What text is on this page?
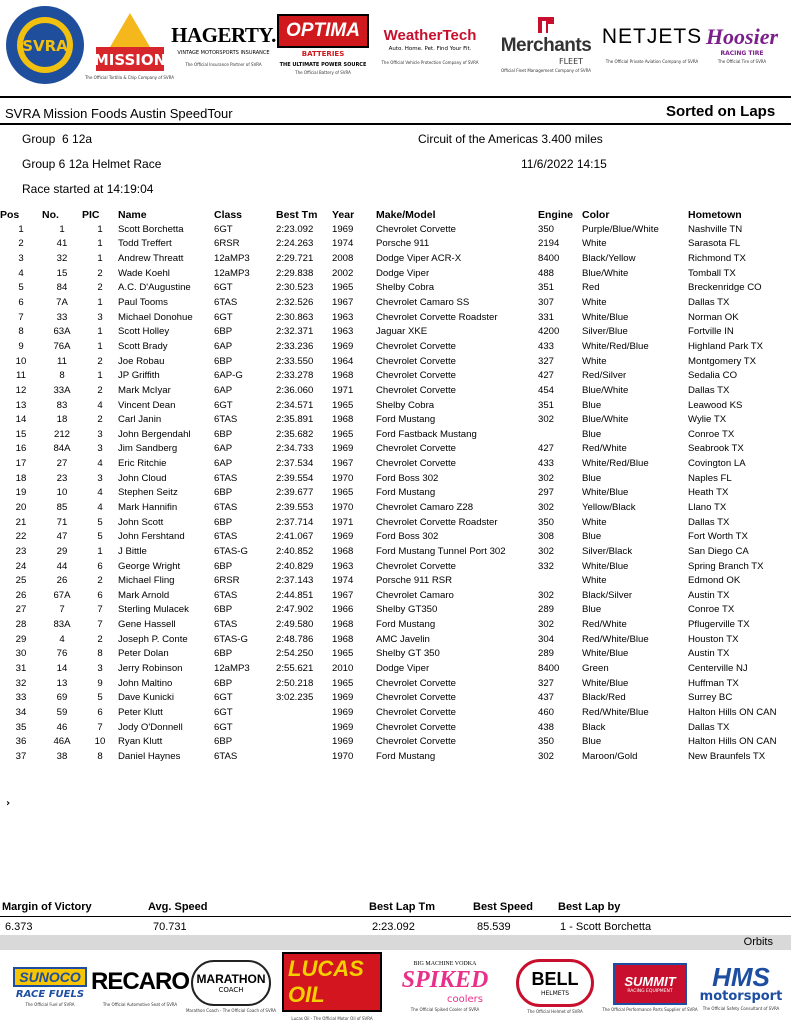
SVRA
MISSION
The Official Tortilla & Chip Company of SVRA
HAGERTY.
VINTAGE MOTORSPORTS INSURANCE
The Official Insurance Partner of SVRA
OPTIMA
BATTERIES
THE ULTIMATE POWER SOURCE
The Official Battery of SVRA
WeatherTech
Auto. Home. Pet. Find Your Fit.
The Official Vehicle Protection Company of SVRA
Merchants
FLEET
Official Fleet Management Company of SVRA
NETJETS
The Official Private Aviation Company of SVRA
Hoosier
RACING TIRE
The Official Tire of SVRA
SVRA Mission Foods Austin SpeedTour	Sorted on Laps
Group  6 12a	Circuit of the Americas 3.400 miles
Group 6 12a Helmet Race	11/6/2022 14:15
Race started at 14:19:04
Pos	No.	PIC	Name	Class	Best Tm	Year	Make/Model	Engine	Color	Hometown
1	1	1	Scott Borchetta	6GT	2:23.092	1969	Chevrolet Corvette	350	Purple/Blue/White	Nashville TN
2	41	1	Todd Treffert	6RSR	2:24.263	1974	Porsche 911	2194	White	Sarasota FL
3	32	1	Andrew Threatt	12aMP3	2:29.721	2008	Dodge Viper ACR-X	8400	Black/Yellow	Richmond TX
4	15	2	Wade Koehl	12aMP3	2:29.838	2002	Dodge Viper	488	Blue/White	Tomball TX
5	84	2	A.C. D'Augustine	6GT	2:30.523	1965	Shelby Cobra	351	Red	Breckenridge CO
6	7A	1	Paul Tooms	6TAS	2:32.526	1967	Chevrolet Camaro SS	307	White	Dallas TX
7	33	3	Michael Donohue	6GT	2:30.863	1963	Chevrolet Corvette Roadster	331	White/Blue	Norman OK
8	63A	1	Scott Holley	6BP	2:32.371	1963	Jaguar XKE	4200	Silver/Blue	Fortville IN
9	76A	1	Scott Brady	6AP	2:33.236	1969	Chevrolet Corvette	433	White/Red/Blue	Highland Park TX
10	11	2	Joe Robau	6BP	2:33.550	1964	Chevrolet Corvette	327	White	Montgomery TX
11	8	1	JP Griffith	6AP-G	2:33.278	1968	Chevrolet Corvette	427	Red/Silver	Sedalia CO
12	33A	2	Mark McIyar	6AP	2:36.060	1971	Chevrolet Corvette	454	Blue/White	Dallas TX
13	83	4	Vincent Dean	6GT	2:34.571	1965	Shelby Cobra	351	Blue	Leawood KS
14	18	2	Carl Janin	6TAS	2:35.891	1968	Ford Mustang	302	Blue/White	Wylie TX
15	212	3	John Bergendahl	6BP	2:35.682	1965	Ford Fastback Mustang		Blue	Conroe TX
16	84A	3	Jim Sandberg	6AP	2:34.733	1969	Chevrolet Corvette	427	Red/White	Seabrook TX
17	27	4	Eric Ritchie	6AP	2:37.534	1967	Chevrolet Corvette	433	White/Red/Blue	Covington LA
18	23	3	John Cloud	6TAS	2:39.554	1970	Ford Boss 302	302	Blue	Naples FL
19	10	4	Stephen Seitz	6BP	2:39.677	1965	Ford Mustang	297	White/Blue	Heath TX
20	85	4	Mark Hannifin	6TAS	2:39.553	1970	Chevrolet Camaro Z28	302	Yellow/Black	Llano TX
21	71	5	John Scott	6BP	2:37.714	1971	Chevrolet Corvette Roadster	350	White	Dallas TX
22	47	5	John Fershtand	6TAS	2:41.067	1969	Ford Boss 302	308	Blue	Fort Worth TX
23	29	1	J Bittle	6TAS-G	2:40.852	1968	Ford Mustang Tunnel Port 302	302	Silver/Black	San Diego CA
24	44	6	George Wright	6BP	2:40.829	1963	Chevrolet Corvette	332	White/Blue	Spring Branch TX
25	26	2	Michael Fling	6RSR	2:37.143	1974	Porsche 911 RSR		White	Edmond OK
26	67A	6	Mark Arnold	6TAS	2:44.851	1967	Chevrolet Camaro	302	Black/Silver	Austin TX
27	7	7	Sterling Mulacek	6BP	2:47.902	1966	Shelby GT350	289	Blue	Conroe TX
28	83A	7	Gene Hassell	6TAS	2:49.580	1968	Ford Mustang	302	Red/White	Pflugerville TX
29	4	2	Joseph P. Conte	6TAS-G	2:48.786	1968	AMC Javelin	304	Red/White/Blue	Houston TX
30	76	8	Peter Dolan	6BP	2:54.250	1965	Shelby GT 350	289	White/Blue	Austin TX
31	14	3	Jerry Robinson	12aMP3	2:55.621	2010	Dodge Viper	8400	Green	Centerville NJ
32	13	9	John Maltino	6BP	2:50.218	1965	Chevrolet Corvette	327	White/Blue	Huffman TX
33	69	5	Dave Kunicki	6GT	3:02.235	1969	Chevrolet Corvette	437	Black/Red	Surrey BC
34	59	6	Peter Klutt	6GT		1969	Chevrolet Corvette	460	Red/White/Blue	Halton Hills ON CAN
35	46	7	Jody O'Donnell	6GT		1969	Chevrolet Corvette	438	Black	Dallas TX
36	46A	10	Ryan Klutt	6BP		1969	Chevrolet Corvette	350	Blue	Halton Hills ON CAN
37	38	8	Daniel Haynes	6TAS		1970	Ford Mustang	302	Maroon/Gold	New Braunfels TX
›
Margin of Victory	Avg. Speed	Best Lap Tm	Best Speed Best Lap by
6.373	70.731	2:23.092	85.539	1 - Scott Borchetta
Orbits
SUNOCO
RACE FUELS
The Official Fuel of SVRA
RECARO
The Official Automotive Seat of SVRA
MARATHON
COACH
Marathon Coach - The Official Coach of SVRA
LUCAS OIL
Lucas Oil - The Official Motor Oil of SVRA
BIG MACHINE VODKA
SPIKED
coolers
The Official Spiked Cooler of SVRA
BELL
HELMETS
The Official Helmet of SVRA
SUMMIT
RACING EQUIPMENT
The Official Performance Parts Supplier of SVRA
HMS
motorsport
The Official Safety Consultant of SVRA
